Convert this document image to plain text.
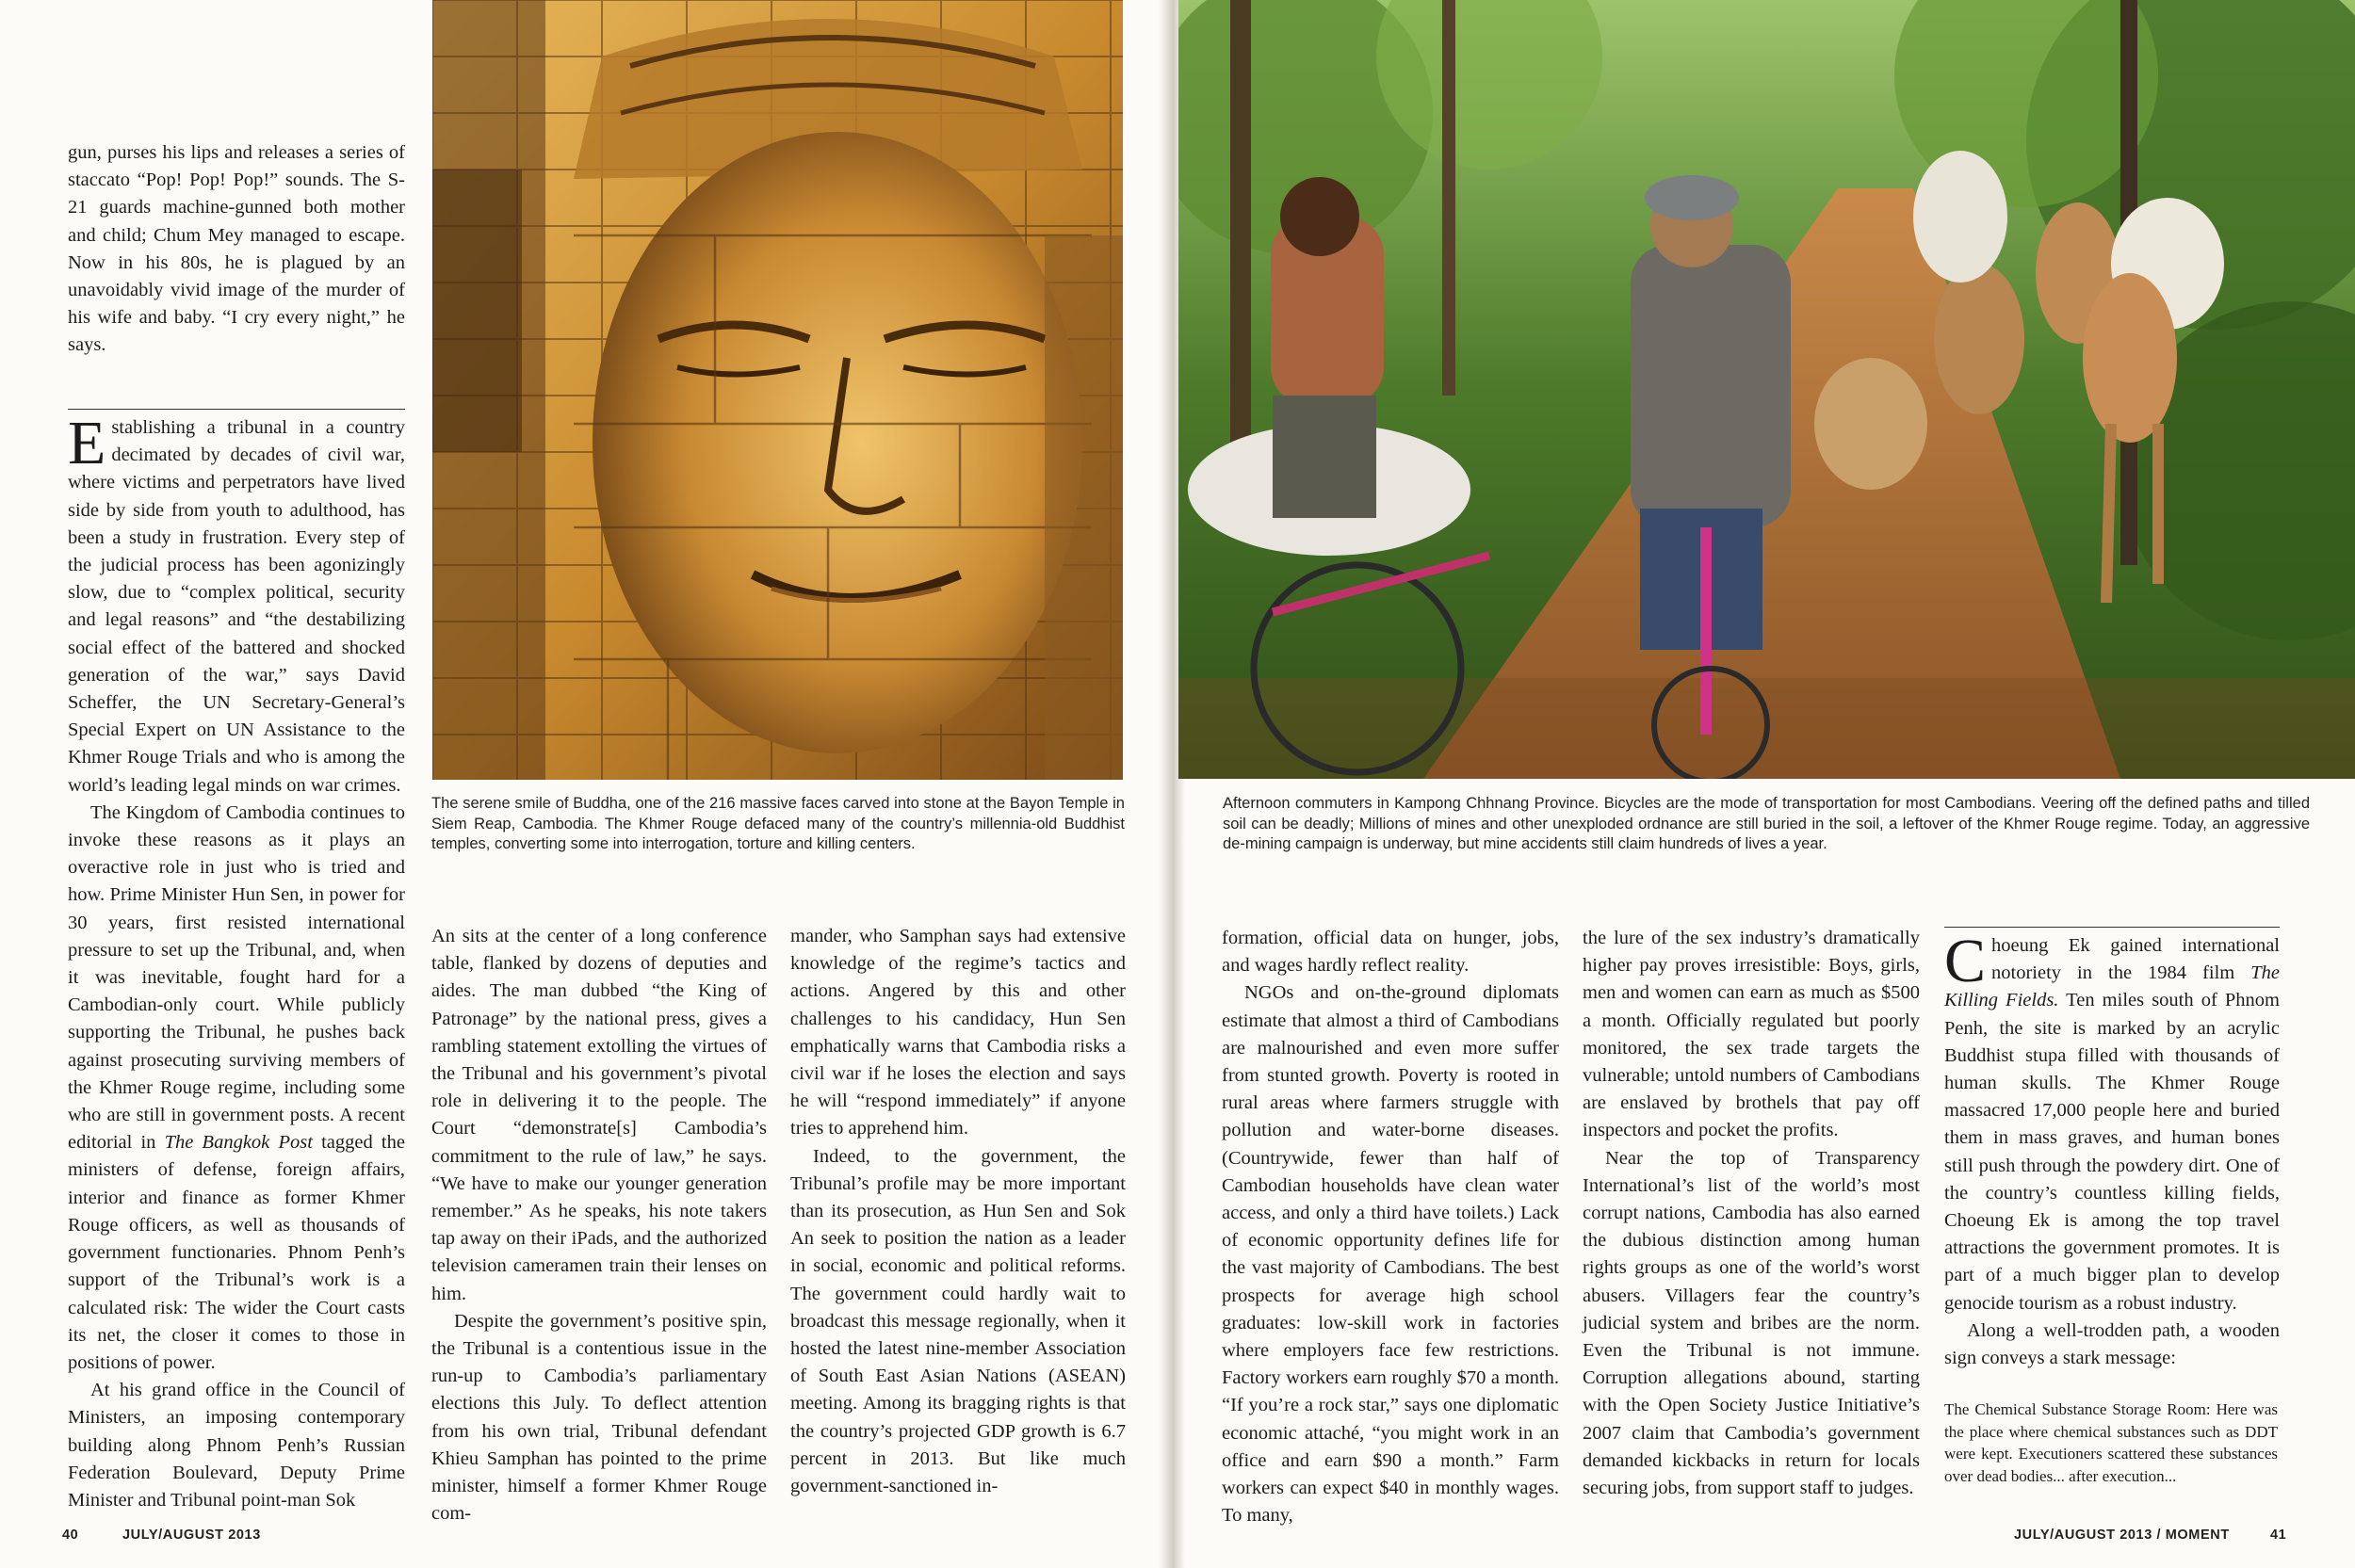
gun, purses his lips and releases a series of staccato “Pop! Pop! Pop!” sounds. The S-21 guards machine-gunned both mother and child; Chum Mey managed to escape. Now in his 80s, he is plagued by an unavoidably vivid image of the murder of his wife and baby. “I cry every night,” he says.

Establishing a tribunal in a country decimated by decades of civil war, where victims and perpetrators have lived side by side from youth to adulthood, has been a study in frustration. Every step of the judicial process has been agonizingly slow, due to “complex political, security and legal reasons” and “the destabilizing social effect of the battered and shocked generation of the war,” says David Scheffer, the UN Secretary-General’s Special Expert on UN Assistance to the Khmer Rouge Trials and who is among the world’s leading legal minds on war crimes.

The Kingdom of Cambodia continues to invoke these reasons as it plays an overactive role in just who is tried and how. Prime Minister Hun Sen, in power for 30 years, first resisted international pressure to set up the Tribunal, and, when it was inevitable, fought hard for a Cambodian-only court. While publicly supporting the Tribunal, he pushes back against prosecuting surviving members of the Khmer Rouge regime, including some who are still in government posts. A recent editorial in The Bangkok Post tagged the ministers of defense, foreign affairs, interior and finance as former Khmer Rouge officers, as well as thousands of government functionaries. Phnom Penh’s support of the Tribunal’s work is a calculated risk: The wider the Court casts its net, the closer it comes to those in positions of power.

At his grand office in the Council of Ministers, an imposing contemporary building along Phnom Penh’s Russian Federation Boulevard, Deputy Prime Minister and Tribunal point-man Sok

The serene smile of Buddha, one of the 216 massive faces carved into stone at the Bayon Temple in Siem Reap, Cambodia. The Khmer Rouge defaced many of the country’s millennia-old Buddhist temples, converting some into interrogation, torture and killing centers.

An sits at the center of a long conference table, flanked by dozens of deputies and aides. The man dubbed “the King of Patronage” by the national press, gives a rambling statement extolling the virtues of the Tribunal and his government’s pivotal role in delivering it to the people. The Court “demonstrate[s] Cambodia’s commitment to the rule of law,” he says. “We have to make our younger generation remember.” As he speaks, his note takers tap away on their iPads, and the authorized television cameramen train their lenses on him.

Despite the government’s positive spin, the Tribunal is a contentious issue in the run-up to Cambodia’s parliamentary elections this July. To deflect attention from his own trial, Tribunal defendant Khieu Samphan has pointed to the prime minister, himself a former Khmer Rouge com-

mander, who Samphan says had extensive knowledge of the regime’s tactics and actions. Angered by this and other challenges to his candidacy, Hun Sen emphatically warns that Cambodia risks a civil war if he loses the election and says he will “respond immediately” if anyone tries to apprehend him.

Indeed, to the government, the Tribunal’s profile may be more important than its prosecution, as Hun Sen and Sok An seek to position the nation as a leader in social, economic and political reforms. The government could hardly wait to broadcast this message regionally, when it hosted the latest nine-member Association of South East Asian Nations (ASEAN) meeting. Among its bragging rights is that the country’s projected GDP growth is 6.7 percent in 2013. But like much government-sanctioned in-

40	JULY/AUGUST 2013
Afternoon commuters in Kampong Chhnang Province. Bicycles are the mode of transportation for most Cambodians. Veering off the defined paths and tilled soil can be deadly; Millions of mines and other unexploded ordnance are still buried in the soil, a leftover of the Khmer Rouge regime. Today, an aggressive de-mining campaign is underway, but mine accidents still claim hundreds of lives a year.

formation, official data on hunger, jobs, and wages hardly reflect reality.

NGOs and on-the-ground diplomats estimate that almost a third of Cambodians are malnourished and even more suffer from stunted growth. Poverty is rooted in rural areas where farmers struggle with pollution and water-borne diseases. (Countrywide, fewer than half of Cambodian households have clean water access, and only a third have toilets.) Lack of economic opportunity defines life for the vast majority of Cambodians. The best prospects for average high school graduates: low-skill work in factories where employers face few restrictions. Factory workers earn roughly $70 a month. “If you’re a rock star,” says one diplomatic economic attaché, “you might work in an office and earn $90 a month.” Farm workers can expect $40 in monthly wages. To many,

the lure of the sex industry’s dramatically higher pay proves irresistible: Boys, girls, men and women can earn as much as $500 a month. Officially regulated but poorly monitored, the sex trade targets the vulnerable; untold numbers of Cambodians are enslaved by brothels that pay off inspectors and pocket the profits.

Near the top of Transparency International’s list of the world’s most corrupt nations, Cambodia has also earned the dubious distinction among human rights groups as one of the world’s worst abusers. Villagers fear the country’s judicial system and bribes are the norm. Even the Tribunal is not immune. Corruption allegations abound, starting with the Open Society Justice Initiative’s 2007 claim that Cambodia’s government demanded kickbacks in return for locals securing jobs, from support staff to judges.

Choeung Ek gained international notoriety in the 1984 film The Killing Fields. Ten miles south of Phnom Penh, the site is marked by an acrylic Buddhist stupa filled with thousands of human skulls. The Khmer Rouge massacred 17,000 people here and buried them in mass graves, and human bones still push through the powdery dirt. One of the country’s countless killing fields, Choeung Ek is among the top travel attractions the government promotes. It is part of a much bigger plan to develop genocide tourism as a robust industry.

Along a well-trodden path, a wooden sign conveys a stark message:

The Chemical Substance Storage Room: Here was the place where chemical substances such as DDT were kept. Executioners scattered these substances over dead bodies... after execution...
JULY/AUGUST 2013 / MOMENT	41
